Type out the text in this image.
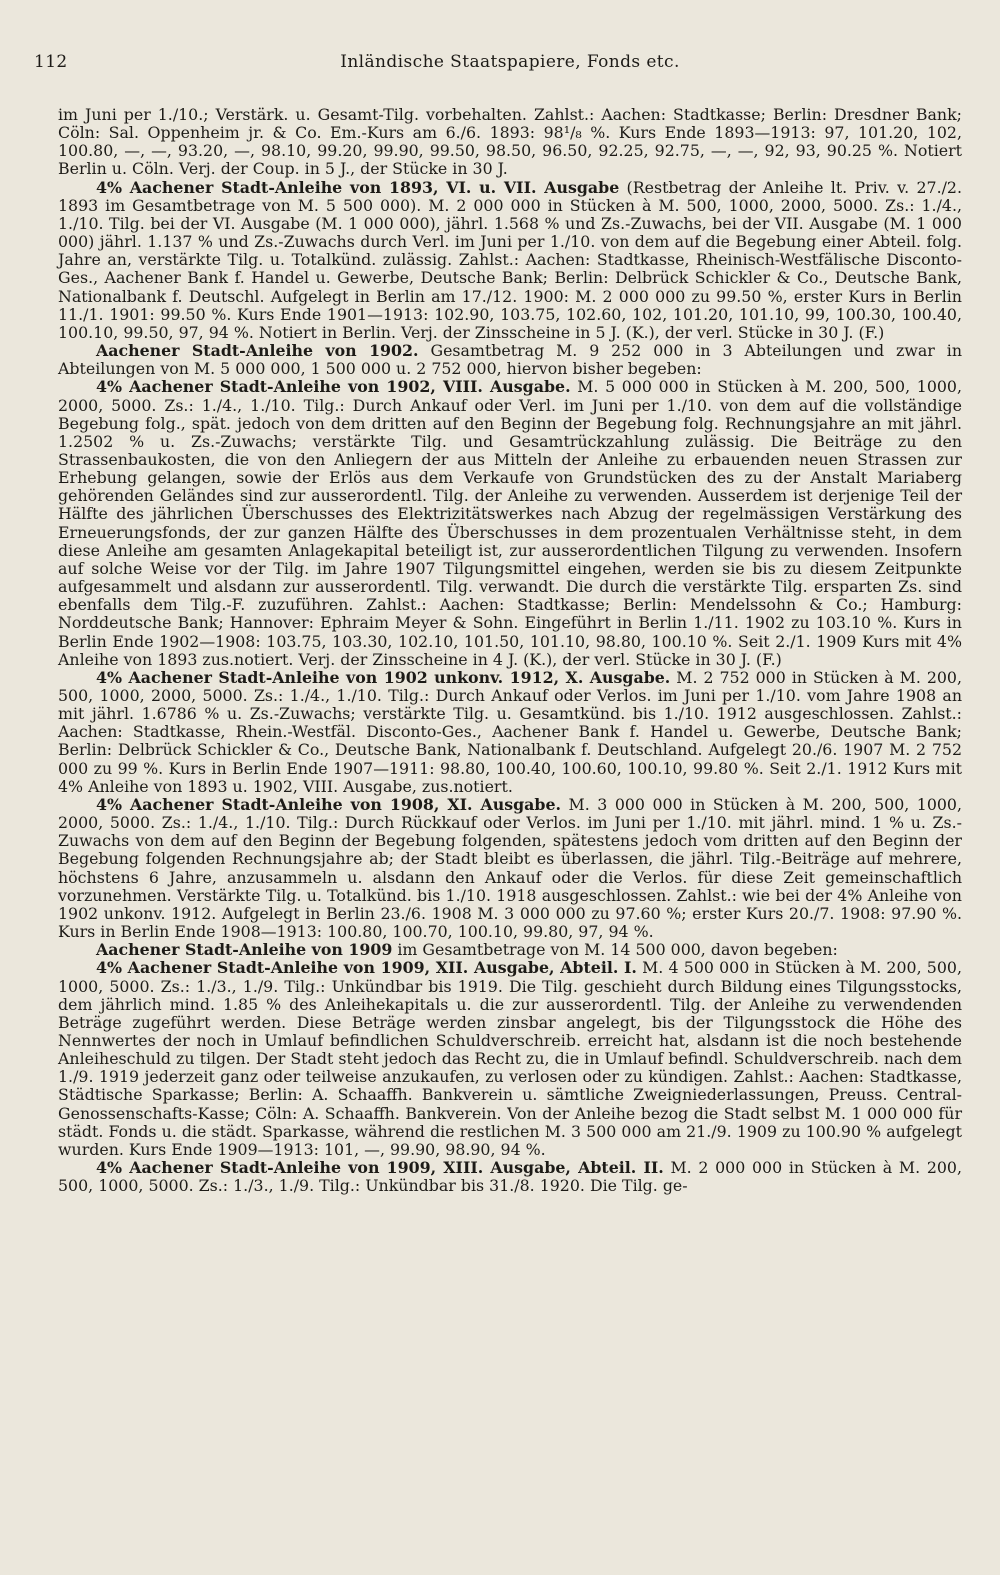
112	Inländische Staatspapiere, Fonds etc.

im Juni per 1./10.; Verstärk. u. Gesamt-Tilg. vorbehalten. Zahlst.: Aachen: Stadtkasse; Berlin: Dresdner Bank; Cöln: Sal. Oppenheim jr. & Co. Em.-Kurs am 6./6. 1893: 98¹/₈ %. Kurs Ende 1893—1913: 97, 101.20, 102, 100.80, —, —, 93.20, —, 98.10, 99.20, 99.90, 99.50, 98.50, 96.50, 92.25, 92.75, —, —, 92, 93, 90.25 %. Notiert Berlin u. Cöln. Verj. der Coup. in 5 J., der Stücke in 30 J.

4% Aachener Stadt-Anleihe von 1893, VI. u. VII. Ausgabe (Restbetrag der Anleihe lt. Priv. v. 27./2. 1893 im Gesamtbetrage von M. 5 500 000). M. 2 000 000 in Stücken à M. 500, 1000, 2000, 5000. Zs.: 1./4., 1./10. Tilg. bei der VI. Ausgabe (M. 1 000 000), jährl. 1.568 % und Zs.-Zuwachs, bei der VII. Ausgabe (M. 1 000 000) jährl. 1.137 % und Zs.-Zuwachs durch Verl. im Juni per 1./10. von dem auf die Begebung einer Abteil. folg. Jahre an, verstärkte Tilg. u. Totalkünd. zulässig. Zahlst.: Aachen: Stadtkasse, Rheinisch-Westfälische Disconto-Ges., Aachener Bank f. Handel u. Gewerbe, Deutsche Bank; Berlin: Delbrück Schickler & Co., Deutsche Bank, Nationalbank f. Deutschl. Aufgelegt in Berlin am 17./12. 1900: M. 2 000 000 zu 99.50 %, erster Kurs in Berlin 11./1. 1901: 99.50 %. Kurs Ende 1901—1913: 102.90, 103.75, 102.60, 102, 101.20, 101.10, 99, 100.30, 100.40, 100.10, 99.50, 97, 94 %. Notiert in Berlin. Verj. der Zinsscheine in 5 J. (K.), der verl. Stücke in 30 J. (F.)

Aachener Stadt-Anleihe von 1902. Gesamtbetrag M. 9 252 000 in 3 Abteilungen und zwar in Abteilungen von M. 5 000 000, 1 500 000 u. 2 752 000, hiervon bisher begeben:

4% Aachener Stadt-Anleihe von 1902, VIII. Ausgabe. M. 5 000 000 in Stücken à M. 200, 500, 1000, 2000, 5000. Zs.: 1./4., 1./10. Tilg.: Durch Ankauf oder Verl. im Juni per 1./10. von dem auf die vollständige Begebung folg., spät. jedoch von dem dritten auf den Beginn der Begebung folg. Rechnungsjahre an mit jährl. 1.2502 % u. Zs.-Zuwachs; verstärkte Tilg. und Gesamtrückzahlung zulässig. Die Beiträge zu den Strassenbaukosten, die von den Anliegern der aus Mitteln der Anleihe zu erbauenden neuen Strassen zur Erhebung gelangen, sowie der Erlös aus dem Verkaufe von Grundstücken des zu der Anstalt Mariaberg gehörenden Geländes sind zur ausserordentl. Tilg. der Anleihe zu verwenden. Ausserdem ist derjenige Teil der Hälfte des jährlichen Überschusses des Elektrizitätswerkes nach Abzug der regelmässigen Verstärkung des Erneuerungsfonds, der zur ganzen Hälfte des Überschusses in dem prozentualen Verhältnisse steht, in dem diese Anleihe am gesamten Anlagekapital beteiligt ist, zur ausserordentlichen Tilgung zu verwenden. Insofern auf solche Weise vor der Tilg. im Jahre 1907 Tilgungsmittel eingehen, werden sie bis zu diesem Zeitpunkte aufgesammelt und alsdann zur ausserordentl. Tilg. verwandt. Die durch die verstärkte Tilg. ersparten Zs. sind ebenfalls dem Tilg.-F. zuzuführen. Zahlst.: Aachen: Stadtkasse; Berlin: Mendelssohn & Co.; Hamburg: Norddeutsche Bank; Hannover: Ephraim Meyer & Sohn. Eingeführt in Berlin 1./11. 1902 zu 103.10 %. Kurs in Berlin Ende 1902—1908: 103.75, 103.30, 102.10, 101.50, 101.10, 98.80, 100.10 %. Seit 2./1. 1909 Kurs mit 4% Anleihe von 1893 zus.notiert. Verj. der Zinsscheine in 4 J. (K.), der verl. Stücke in 30 J. (F.)

4% Aachener Stadt-Anleihe von 1902 unkonv. 1912, X. Ausgabe. M. 2 752 000 in Stücken à M. 200, 500, 1000, 2000, 5000. Zs.: 1./4., 1./10. Tilg.: Durch Ankauf oder Verlos. im Juni per 1./10. vom Jahre 1908 an mit jährl. 1.6786 % u. Zs.-Zuwachs; verstärkte Tilg. u. Gesamtkünd. bis 1./10. 1912 ausgeschlossen. Zahlst.: Aachen: Stadtkasse, Rhein.-Westfäl. Disconto-Ges., Aachener Bank f. Handel u. Gewerbe, Deutsche Bank; Berlin: Delbrück Schickler & Co., Deutsche Bank, Nationalbank f. Deutschland. Aufgelegt 20./6. 1907 M. 2 752 000 zu 99 %. Kurs in Berlin Ende 1907—1911: 98.80, 100.40, 100.60, 100.10, 99.80 %. Seit 2./1. 1912 Kurs mit 4% Anleihe von 1893 u. 1902, VIII. Ausgabe, zus.notiert.

4% Aachener Stadt-Anleihe von 1908, XI. Ausgabe. M. 3 000 000 in Stücken à M. 200, 500, 1000, 2000, 5000. Zs.: 1./4., 1./10. Tilg.: Durch Rückkauf oder Verlos. im Juni per 1./10. mit jährl. mind. 1 % u. Zs.-Zuwachs von dem auf den Beginn der Begebung folgenden, spätestens jedoch vom dritten auf den Beginn der Begebung folgenden Rechnungsjahre ab; der Stadt bleibt es überlassen, die jährl. Tilg.-Beiträge auf mehrere, höchstens 6 Jahre, anzusammeln u. alsdann den Ankauf oder die Verlos. für diese Zeit gemeinschaftlich vorzunehmen. Verstärkte Tilg. u. Totalkünd. bis 1./10. 1918 ausgeschlossen. Zahlst.: wie bei der 4% Anleihe von 1902 unkonv. 1912. Aufgelegt in Berlin 23./6. 1908 M. 3 000 000 zu 97.60 %; erster Kurs 20./7. 1908: 97.90 %. Kurs in Berlin Ende 1908—1913: 100.80, 100.70, 100.10, 99.80, 97, 94 %.

Aachener Stadt-Anleihe von 1909 im Gesamtbetrage von M. 14 500 000, davon begeben:

4% Aachener Stadt-Anleihe von 1909, XII. Ausgabe, Abteil. I. M. 4 500 000 in Stücken à M. 200, 500, 1000, 5000. Zs.: 1./3., 1./9. Tilg.: Unkündbar bis 1919. Die Tilg. geschieht durch Bildung eines Tilgungsstocks, dem jährlich mind. 1.85 % des Anleihekapitals u. die zur ausserordentl. Tilg. der Anleihe zu verwendenden Beträge zugeführt werden. Diese Beträge werden zinsbar angelegt, bis der Tilgungsstock die Höhe des Nennwertes der noch in Umlauf befindlichen Schuldverschreib. erreicht hat, alsdann ist die noch bestehende Anleiheschuld zu tilgen. Der Stadt steht jedoch das Recht zu, die in Umlauf befindl. Schuldverschreib. nach dem 1./9. 1919 jederzeit ganz oder teilweise anzukaufen, zu verlosen oder zu kündigen. Zahlst.: Aachen: Stadtkasse, Städtische Sparkasse; Berlin: A. Schaaffh. Bankverein u. sämtliche Zweigniederlassungen, Preuss. Central-Genossenschafts-Kasse; Cöln: A. Schaaffh. Bankverein. Von der Anleihe bezog die Stadt selbst M. 1 000 000 für städt. Fonds u. die städt. Sparkasse, während die restlichen M. 3 500 000 am 21./9. 1909 zu 100.90 % aufgelegt wurden. Kurs Ende 1909—1913: 101, —, 99.90, 98.90, 94 %.

4% Aachener Stadt-Anleihe von 1909, XIII. Ausgabe, Abteil. II. M. 2 000 000 in Stücken à M. 200, 500, 1000, 5000. Zs.: 1./3., 1./9. Tilg.: Unkündbar bis 31./8. 1920. Die Tilg. ge-
